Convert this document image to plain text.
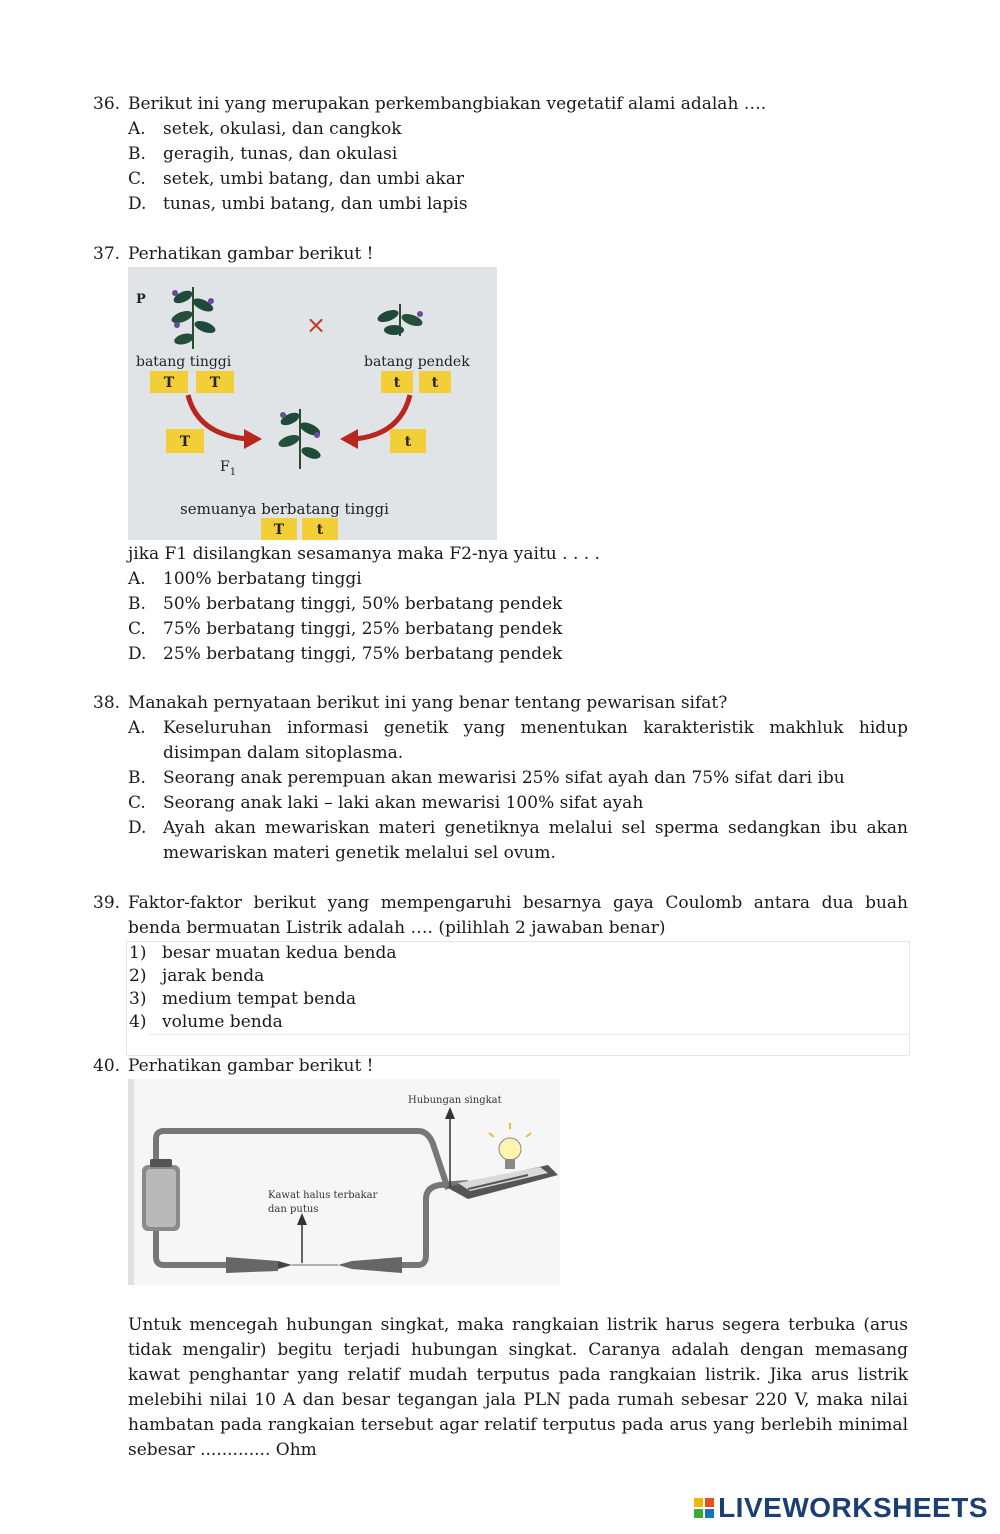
36. Berikut ini yang merupakan perkembangbiakan vegetatif alami adalah ….
A.	setek, okulasi, dan cangkok
B.	geragih, tunas, dan okulasi
C.	setek, umbi batang, dan umbi akar
D. tunas, umbi batang, dan umbi lapis
37. Perhatikan gambar berikut !
P
×
batang tinggi	batang pendek
T	T	t t
T	t
$F_1$
semuanya berbatang tinggi
T t
jika F1 disilangkan sesamanya maka F2-nya yaitu . . . .
A.	100% berbatang tinggi
B.	50% berbatang tinggi, 50% berbatang pendek
C.	75% berbatang tinggi, 25% berbatang pendek
D. 25% berbatang tinggi, 75% berbatang pendek
38. Manakah pernyataan berikut ini yang benar tentang pewarisan sifat?
A.	Keseluruhan informasi genetik yang menentukan karakteristik makhluk hidup disimpan dalam sitoplasma.
B.	Seorang anak perempuan akan mewarisi 25% sifat ayah dan 75% sifat dari ibu
C.	Seorang anak laki – laki akan mewarisi 100% sifat ayah
D. Ayah akan mewariskan materi genetiknya melalui sel sperma sedangkan ibu akan mewariskan materi genetik melalui sel ovum.
39. Faktor-faktor berikut yang mempengaruhi besarnya gaya Coulomb antara dua buah benda bermuatan Listrik adalah …. (pilihlah 2 jawaban benar)
1) besar muatan kedua benda
2) jarak benda
3) medium tempat benda
4) volume benda
40. Perhatikan gambar berikut !
Kawat halus terbakar
dan putus
Hubungan singkat
Untuk mencegah hubungan singkat, maka rangkaian listrik harus segera terbuka (arus tidak mengalir) begitu terjadi hubungan singkat. Caranya adalah dengan memasang kawat penghantar yang relatif mudah terputus pada rangkaian listrik. Jika arus listrik melebihi nilai 10 A dan besar tegangan jala PLN pada rumah sebesar 220 V, maka nilai hambatan pada rangkaian tersebut agar relatif terputus pada arus yang berlebih minimal sebesar ............. Ohm
LIVEWORKSHEETS
